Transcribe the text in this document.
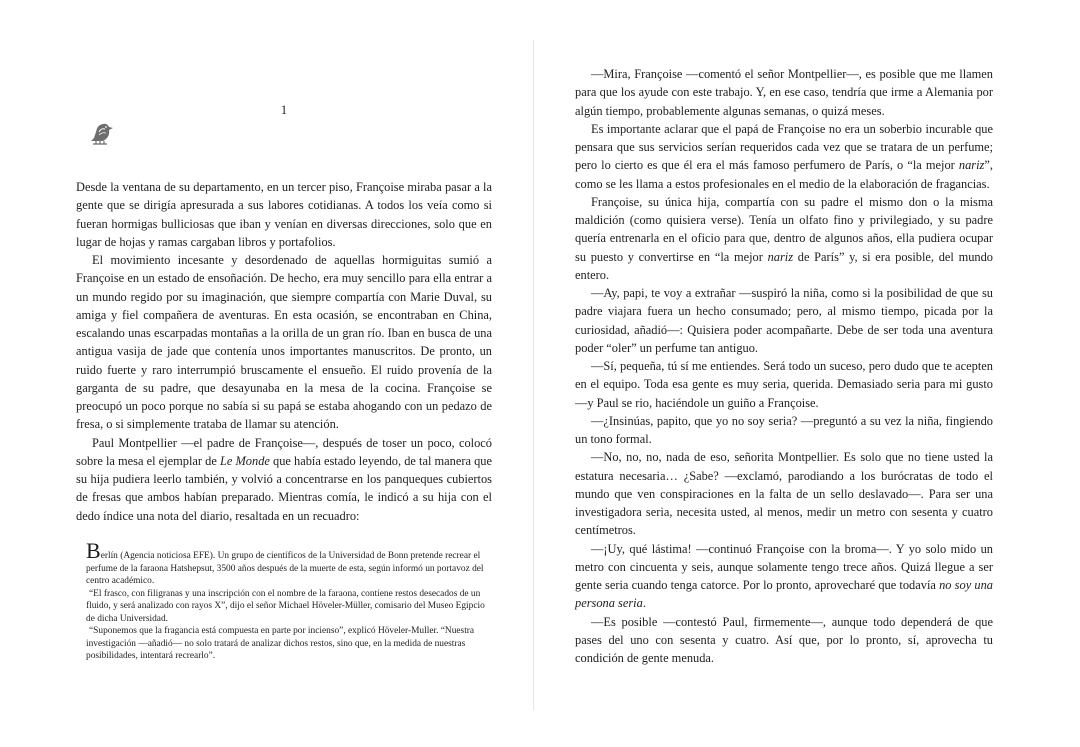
1

Desde la ventana de su departamento, en un tercer piso, Françoise miraba pasar a la gente que se dirigía apresurada a sus labores cotidianas. A todos los veía como si fueran hormigas bulliciosas que iban y venían en diversas direcciones, solo que en lugar de hojas y ramas cargaban libros y portafolios.

El movimiento incesante y desordenado de aquellas hormiguitas sumió a Françoise en un estado de ensoñación. De hecho, era muy sencillo para ella entrar a un mundo regido por su imaginación, que siempre compartía con Marie Duval, su amiga y fiel compañera de aventuras. En esta ocasión, se encontraban en China, escalando unas escarpadas montañas a la orilla de un gran río. Iban en busca de una antigua vasija de jade que contenía unos importantes manuscritos. De pronto, un ruido fuerte y raro interrumpió bruscamente el ensueño. El ruido provenía de la garganta de su padre, que desayunaba en la mesa de la cocina. Françoise se preocupó un poco porque no sabía si su papá se estaba ahogando con un pedazo de fresa, o si simplemente trataba de llamar su atención.

Paul Montpellier —el padre de Françoise—, después de toser un poco, colocó sobre la mesa el ejemplar de Le Monde que había estado leyendo, de tal manera que su hija pudiera leerlo también, y volvió a concentrarse en los panqueques cubiertos de fresas que ambos habían preparado. Mientras comía, le indicó a su hija con el dedo índice una nota del diario, resaltada en un recuadro:

Berlín (Agencia noticiosa EFE). Un grupo de científicos de la Universidad de Bonn pretende recrear el perfume de la faraona Hatshepsut, 3500 años después de la muerte de esta, según informó un portavoz del centro académico.

“El frasco, con filigranas y una inscripción con el nombre de la faraona, contiene restos desecados de un fluido, y será analizado con rayos X”, dijo el señor Michael Höveler-Müller, comisario del Museo Egipcio de dicha Universidad.

“Suponemos que la fragancia está compuesta en parte por incienso”, explicó Höveler-Muller. “Nuestra investigación —añadió— no solo tratará de analizar dichos restos, sino que, en la medida de nuestras posibilidades, intentará recrearlo”.

—Mira, Françoise —comentó el señor Montpellier—, es posible que me llamen para que los ayude con este trabajo. Y, en ese caso, tendría que irme a Alemania por algún tiempo, probablemente algunas semanas, o quizá meses.

Es importante aclarar que el papá de Françoise no era un soberbio incurable que pensara que sus servicios serían requeridos cada vez que se tratara de un perfume; pero lo cierto es que él era el más famoso perfumero de París, o “la mejor nariz”, como se les llama a estos profesionales en el medio de la elaboración de fragancias.

Françoise, su única hija, compartía con su padre el mismo don o la misma maldición (como quisiera verse). Tenía un olfato fino y privilegiado, y su padre quería entrenarla en el oficio para que, dentro de algunos años, ella pudiera ocupar su puesto y convertirse en “la mejor nariz de París” y, si era posible, del mundo entero.

—Ay, papi, te voy a extrañar —suspiró la niña, como si la posibilidad de que su padre viajara fuera un hecho consumado; pero, al mismo tiempo, picada por la curiosidad, añadió—: Quisiera poder acompañarte. Debe de ser toda una aventura poder “oler” un perfume tan antiguo.

—Sí, pequeña, tú sí me entiendes. Será todo un suceso, pero dudo que te acepten en el equipo. Toda esa gente es muy seria, querida. Demasiado seria para mi gusto —y Paul se rio, haciéndole un guiño a Françoise.

—¿Insinúas, papito, que yo no soy seria? —preguntó a su vez la niña, fingiendo un tono formal.

—No, no, no, nada de eso, señorita Montpellier. Es solo que no tiene usted la estatura necesaria… ¿Sabe? —exclamó, parodiando a los burócratas de todo el mundo que ven conspiraciones en la falta de un sello deslavado—. Para ser una investigadora seria, necesita usted, al menos, medir un metro con sesenta y cuatro centímetros.

—¡Uy, qué lástima! —continuó Françoise con la broma—. Y yo solo mido un metro con cincuenta y seis, aunque solamente tengo trece años. Quizá llegue a ser gente seria cuando tenga catorce. Por lo pronto, aprovecharé que todavía no soy una persona seria.

—Es posible —contestó Paul, firmemente—, aunque todo dependerá de que pases del uno con sesenta y cuatro. Así que, por lo pronto, sí, aprovecha tu condición de gente menuda.
